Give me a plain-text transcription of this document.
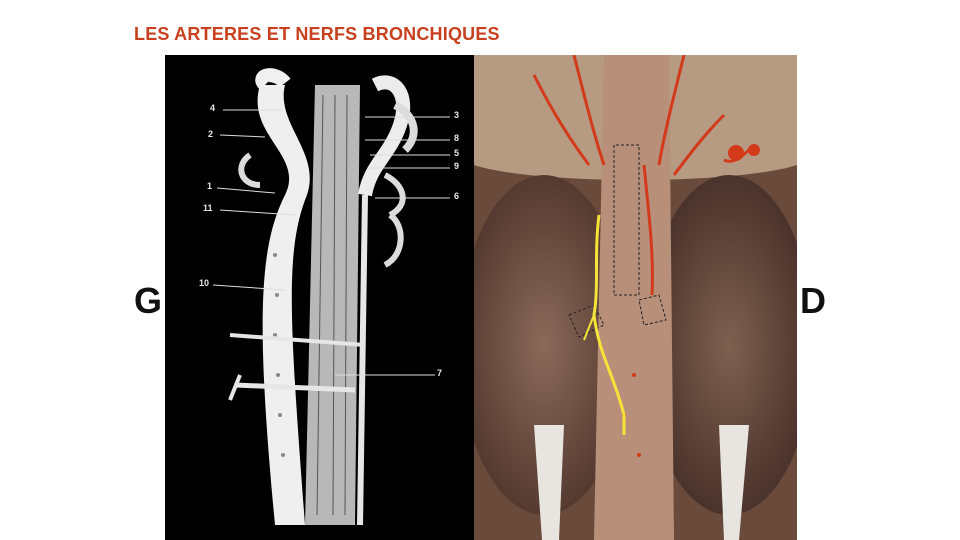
LES ARTERES ET NERFS BRONCHIQUES
G	D
4
2
1
11
10
3
8
5
9
6
7
